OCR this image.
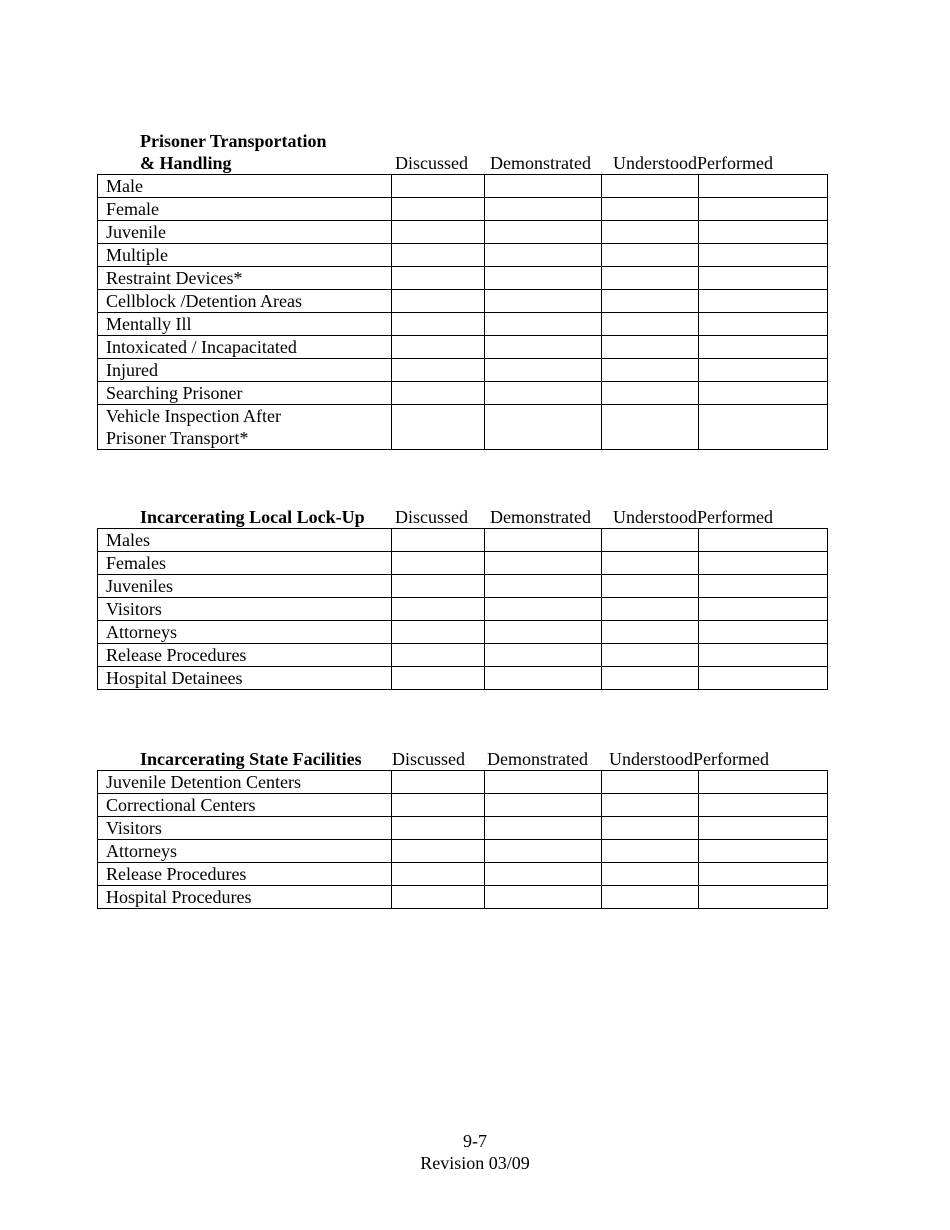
Prisoner Transportation
& Handling	Discussed Demonstrated Understood Performed
Male				

Female				

Juvenile				

Multiple				

Restraint Devices*				

Cellblock /Detention Areas				

Mentally Ill				

Intoxicated / Incapacitated				

Injured				

Searching Prisoner				

Vehicle Inspection After
Prisoner Transport*				

Incarcerating Local Lock-Up Discussed Demonstrated Understood Performed
Males				

Females				

Juveniles				

Visitors				

Attorneys				

Release Procedures				

Hospital Detainees				

Incarcerating State Facilities Discussed Demonstrated Understood Performed
Juvenile Detention Centers				

Correctional Centers				

Visitors				

Attorneys				

Release Procedures				

Hospital Procedures				

9-7
Revision 03/09
